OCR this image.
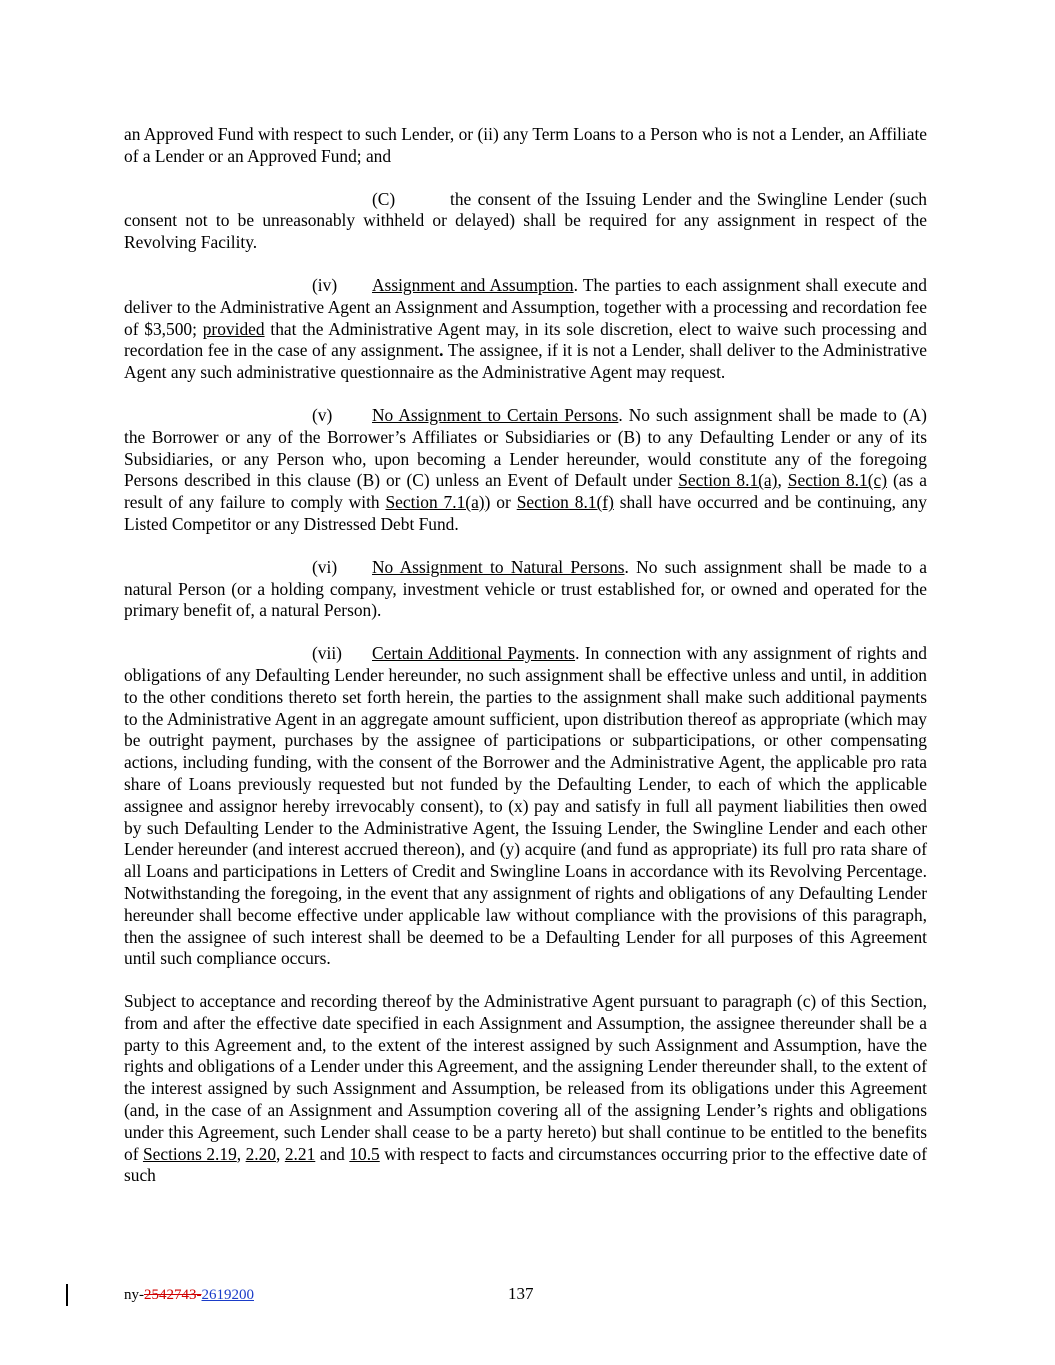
an Approved Fund with respect to such Lender, or (ii) any Term Loans to a Person who is not a Lender, an Affiliate of a Lender or an Approved Fund; and

(C)	the consent of the Issuing Lender and the Swingline Lender (such consent not to be unreasonably withheld or delayed) shall be required for any assignment in respect of the Revolving Facility.

(iv) Assignment and Assumption. The parties to each assignment shall execute and deliver to the Administrative Agent an Assignment and Assumption, together with a processing and recordation fee of $3,500; provided that the Administrative Agent may, in its sole discretion, elect to waive such processing and recordation fee in the case of any assignment. The assignee, if it is not a Lender, shall deliver to the Administrative Agent any such administrative questionnaire as the Administrative Agent may request.

(v) No Assignment to Certain Persons. No such assignment shall be made to (A) the Borrower or any of the Borrower’s Affiliates or Subsidiaries or (B) to any Defaulting Lender or any of its Subsidiaries, or any Person who, upon becoming a Lender hereunder, would constitute any of the foregoing Persons described in this clause (B) or (C) unless an Event of Default under Section 8.1(a), Section 8.1(c) (as a result of any failure to comply with Section 7.1(a)) or Section 8.1(f) shall have occurred and be continuing, any Listed Competitor or any Distressed Debt Fund.

(vi) No Assignment to Natural Persons. No such assignment shall be made to a natural Person (or a holding company, investment vehicle or trust established for, or owned and operated for the primary benefit of, a natural Person).

(vii) Certain Additional Payments. In connection with any assignment of rights and obligations of any Defaulting Lender hereunder, no such assignment shall be effective unless and until, in addition to the other conditions thereto set forth herein, the parties to the assignment shall make such additional payments to the Administrative Agent in an aggregate amount sufficient, upon distribution thereof as appropriate (which may be outright payment, purchases by the assignee of participations or subparticipations, or other compensating actions, including funding, with the consent of the Borrower and the Administrative Agent, the applicable pro rata share of Loans previously requested but not funded by the Defaulting Lender, to each of which the applicable assignee and assignor hereby irrevocably consent), to (x) pay and satisfy in full all payment liabilities then owed by such Defaulting Lender to the Administrative Agent, the Issuing Lender, the Swingline Lender and each other Lender hereunder (and interest accrued thereon), and (y) acquire (and fund as appropriate) its full pro rata share of all Loans and participations in Letters of Credit and Swingline Loans in accordance with its Revolving Percentage. Notwithstanding the foregoing, in the event that any assignment of rights and obligations of any Defaulting Lender hereunder shall become effective under applicable law without compliance with the provisions of this paragraph, then the assignee of such interest shall be deemed to be a Defaulting Lender for all purposes of this Agreement until such compliance occurs.

Subject to acceptance and recording thereof by the Administrative Agent pursuant to paragraph (c) of this Section, from and after the effective date specified in each Assignment and Assumption, the assignee thereunder shall be a party to this Agreement and, to the extent of the interest assigned by such Assignment and Assumption, have the rights and obligations of a Lender under this Agreement, and the assigning Lender thereunder shall, to the extent of the interest assigned by such Assignment and Assumption, be released from its obligations under this Agreement (and, in the case of an Assignment and Assumption covering all of the assigning Lender’s rights and obligations under this Agreement, such Lender shall cease to be a party hereto) but shall continue to be entitled to the benefits of Sections 2.19, 2.20, 2.21 and 10.5 with respect to facts and circumstances occurring prior to the effective date of such

ny-2542743-2619200	137
